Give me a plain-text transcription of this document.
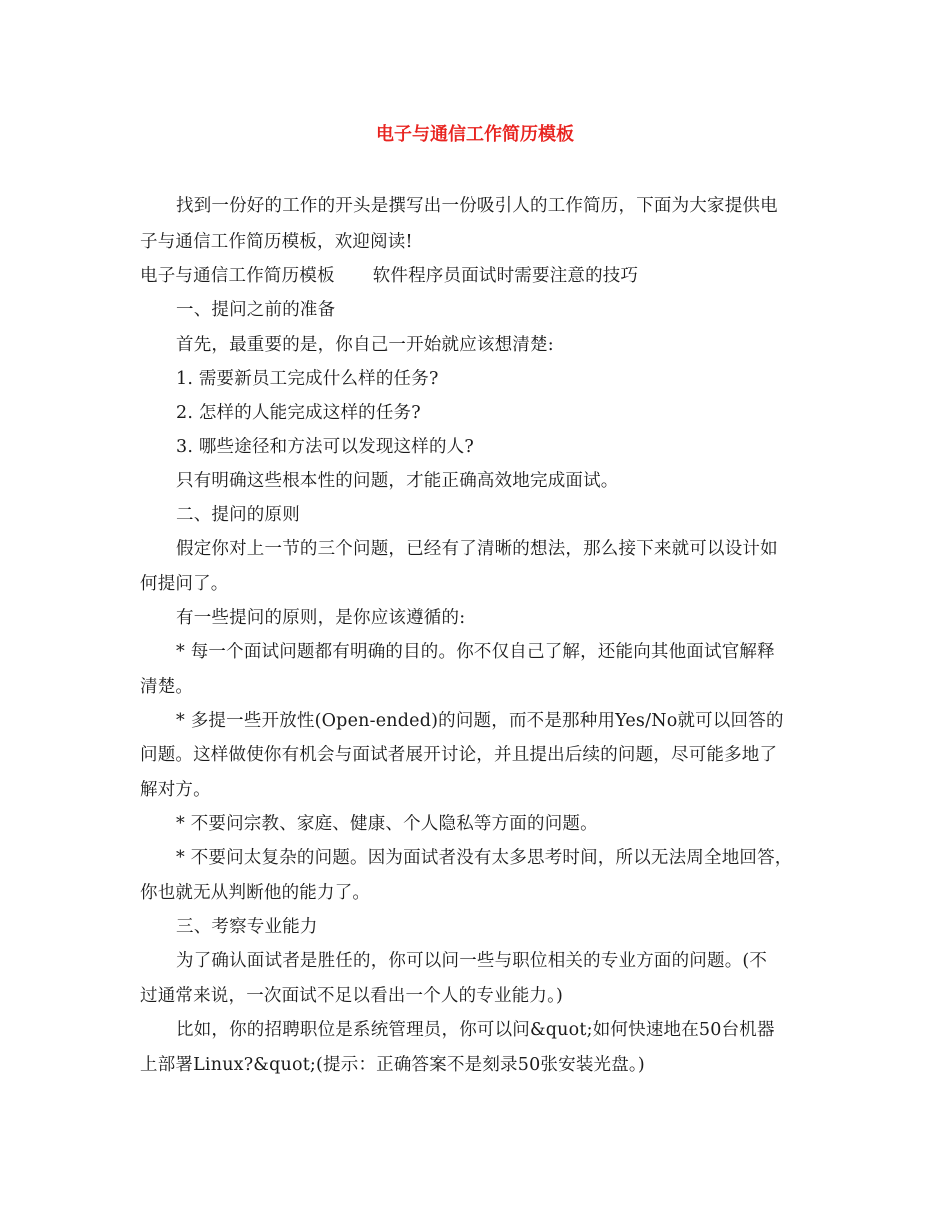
电子与通信工作简历模板
找到一份好的工作的开头是撰写出一份吸引人的工作简历，下面为大家提供电
子与通信工作简历模板，欢迎阅读!
电子与通信工作简历模板 软件程序员面试时需要注意的技巧
一、提问之前的准备
首先，最重要的是，你自己一开始就应该想清楚:
1. 需要新员工完成什么样的任务?
2. 怎样的人能完成这样的任务?
3. 哪些途径和方法可以发现这样的人?
只有明确这些根本性的问题，才能正确高效地完成面试。
二、提问的原则
假定你对上一节的三个问题，已经有了清晰的想法，那么接下来就可以设计如
何提问了。
有一些提问的原则，是你应该遵循的:
* 每一个面试问题都有明确的目的。你不仅自己了解，还能向其他面试官解释
清楚。
* 多提一些开放性(Open-ended)的问题，而不是那种用Yes/No就可以回答的
问题。这样做使你有机会与面试者展开讨论，并且提出后续的问题，尽可能多地了
解对方。
* 不要问宗教、家庭、健康、个人隐私等方面的问题。
* 不要问太复杂的问题。因为面试者没有太多思考时间，所以无法周全地回答，
你也就无从判断他的能力了。
三、考察专业能力
为了确认面试者是胜任的，你可以问一些与职位相关的专业方面的问题。(不
过通常来说，一次面试不足以看出一个人的专业能力。)
比如，你的招聘职位是系统管理员，你可以问&quot;如何快速地在50台机器
上部署Linux?&quot;(提示：正确答案不是刻录50张安装光盘。)
